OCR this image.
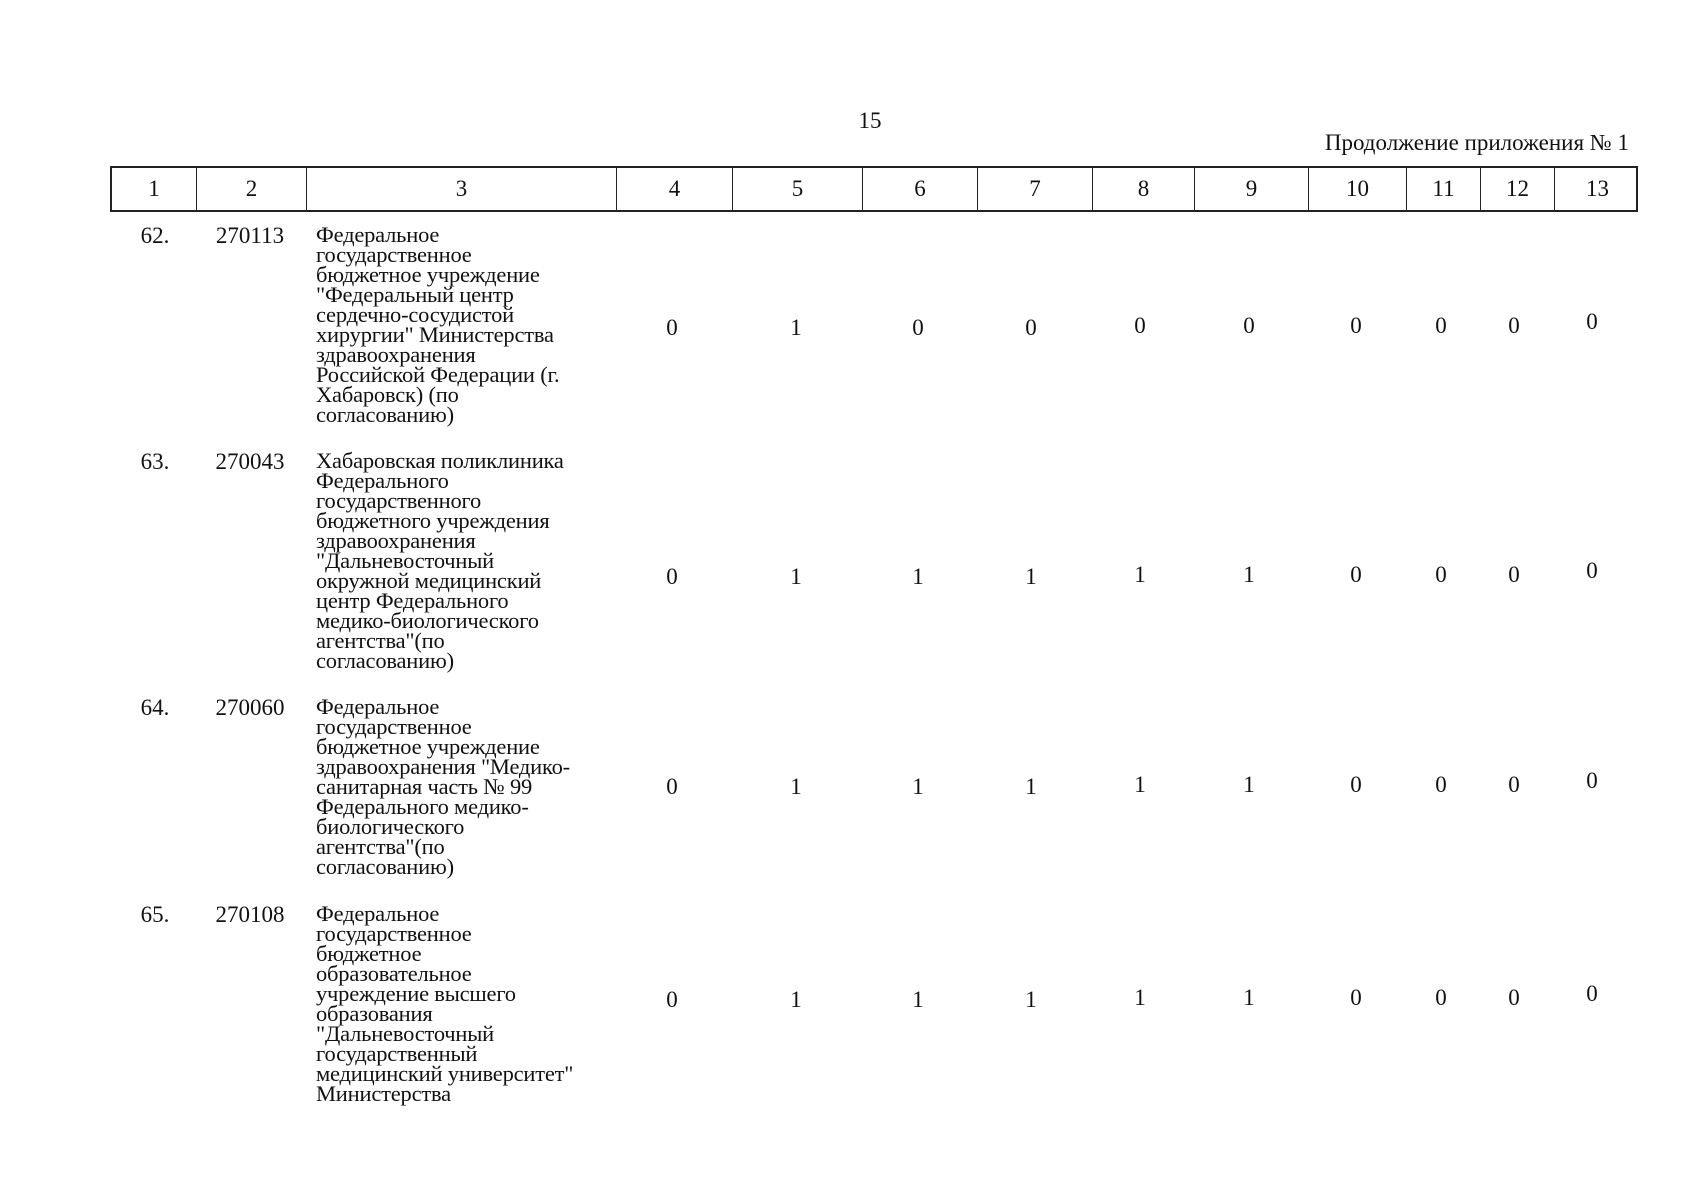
15
Продолжение приложения № 1
1	2	3	4	5	6	7	8	9	10	11	12	13
62.	270113	Федеральное
государственное
бюджетное учреждение
"Федеральный центр
сердечно-сосудистой
хирургии" Министерства
здравоохранения
Российской Федерации (г.
Хабаровск) (по
согласованию)
0	1	0	0	0	0	0	0	0	0
63.	270043	Хабаровская поликлиника
Федерального
государственного
бюджетного учреждения
здравоохранения
"Дальневосточный
окружной медицинский
центр Федерального
медико-биологического
агентства"(по
согласованию)
0	1	1	1	1	1	0	0	0	0
64.	270060	Федеральное
государственное
бюджетное учреждение
здравоохранения "Медико-
санитарная часть № 99
Федерального медико-
биологического
агентства"(по
согласованию)
0	1	1	1	1	1	0	0	0	0
65.	270108	Федеральное
государственное
бюджетное
образовательное
учреждение высшего
образования
"Дальневосточный
государственный
медицинский университет"
Министерства
0	1	1	1	1	1	0	0	0	0
